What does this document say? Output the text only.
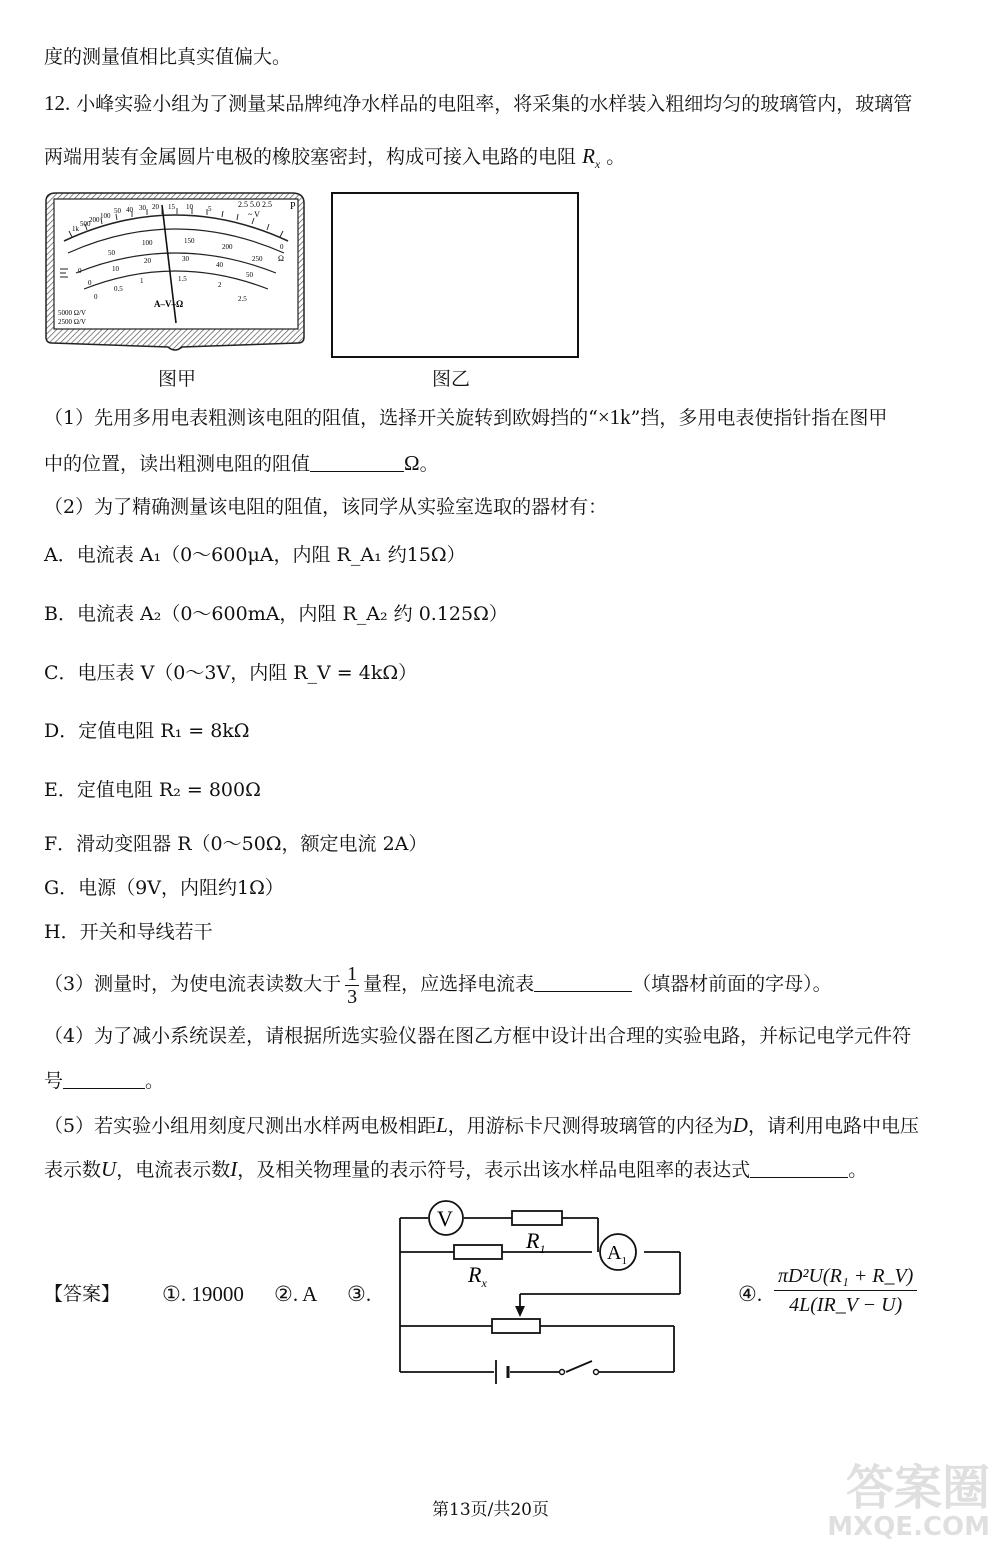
度的测量值相比真实值偏大。
12. 小峰实验小组为了测量某品牌纯净水样品的电阻率，将采集的水样装入粗细均匀的玻璃管内，玻璃管
两端用装有金属圆片电极的橡胶塞密封，构成可接入电路的电阻 $R_x$ 。
1k
500
200 100
50 40 30 20 15 10 5
0
Ω
0
50
100	150
200
250
0
10
20	30
40
50
0
0.5
1	1.5
2
2.5
2.5 5.0 2.5 P
~ V
A–V–Ω
5000 Ω/V
2500 Ω/V
图甲	图乙
（1）先用多用电表粗测该电阻的阻值，选择开关旋转到欧姆挡的“×1k”挡，多用电表使指针指在图甲
中的位置，读出粗测电阻的阻值	Ω。
（2）为了精确测量该电阻的阻值，该同学从实验室选取的器材有：
A．电流表 A₁（0～600μA，内阻 R_A₁ 约15Ω）
B．电流表 A₂（0～600mA，内阻 R_A₂ 约 0.125Ω）
C．电压表 V（0～3V，内阻 R_V = 4kΩ）
D．定值电阻 R₁ = 8kΩ
E．定值电阻 R₂ = 800Ω
F．滑动变阻器 R（0～50Ω，额定电流 2A）
G．电源（9V，内阻约1Ω）
H．开关和导线若干
（3）测量时，为使电流表读数大于 $\frac{1}{3}$ 量程，应选择电流表	（填器材前面的字母）。
（4）为了减小系统误差，请根据所选实验仪器在图乙方框中设计出合理的实验电路，并标记电学元件符
号	。
（5）若实验小组用刻度尺测出水样两电极相距L，用游标卡尺测得玻璃管的内径为D，请利用电路中电压
表示数U，电流表示数I，及相关物理量的表示符号，表示出该水样品电阻率的表达式	。
【答案】 ①. 19000 ②. A ③.	④.
πD²U(R₁ + R_V)
4L(IR_V − U)
V
$R_1$
$R_x$
$A_1$
第13页/共20页	答案圈
MXQE.COM
